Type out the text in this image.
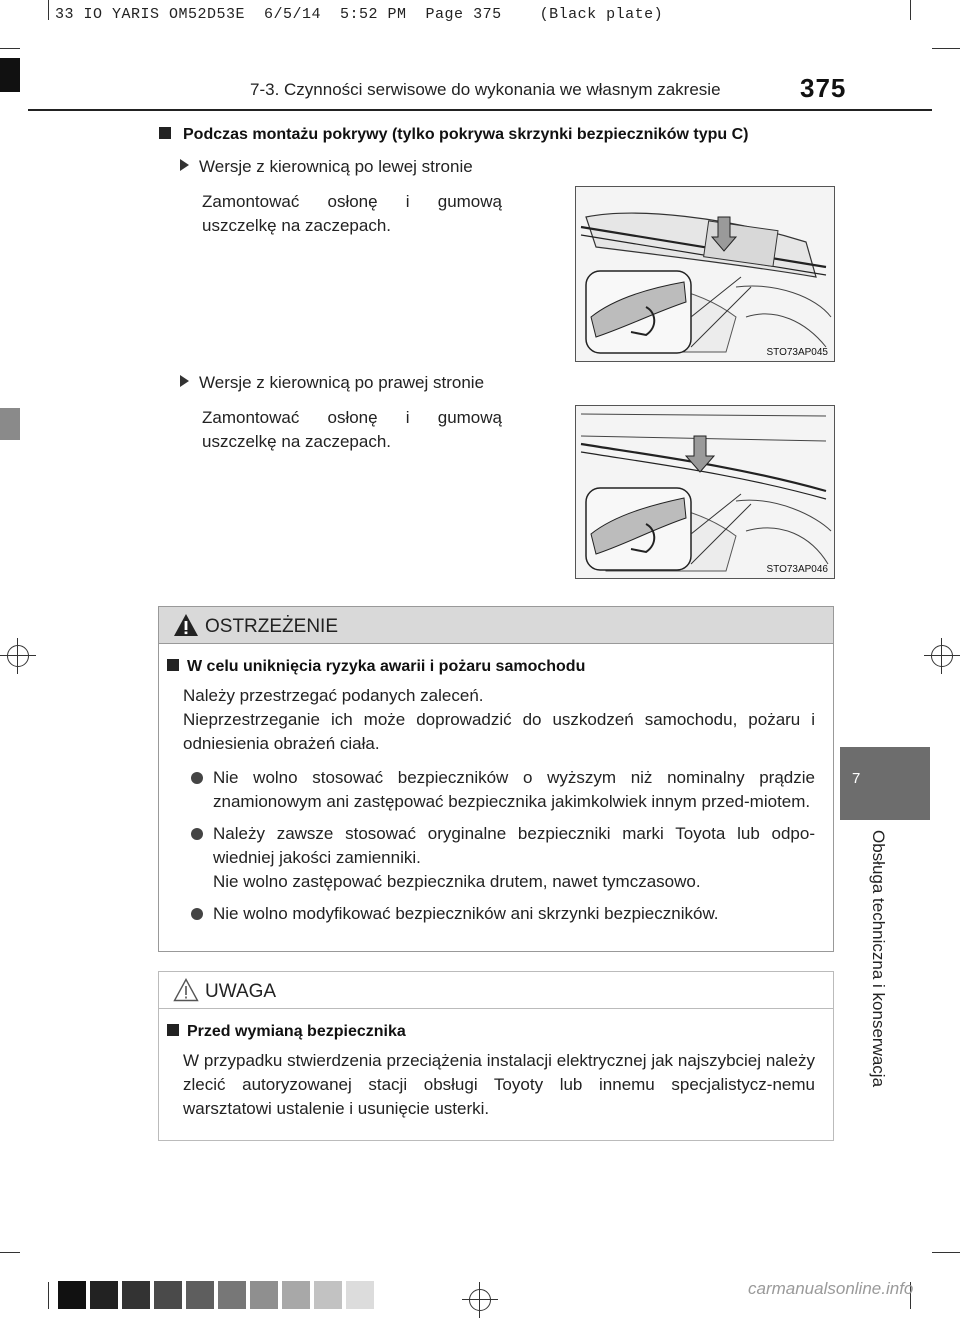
33 IO YARIS OM52D53E  6/5/14  5:52 PM  Page 375    (Black plate)
7-3. Czynności serwisowe do wykonania we własnym zakresie	375
7
Obsługa techniczna i konserwacja
Podczas montażu pokrywy (tylko pokrywa skrzynki bezpieczników typu C)
Wersje z kierownicą po lewej stronie
Zamontować osłonę i gumową uszczelkę na zaczepach.
STO73AP045
Wersje z kierownicą po prawej stronie
Zamontować osłonę i gumową uszczelkę na zaczepach.
STO73AP046
OSTRZEŻENIE
W celu uniknięcia ryzyka awarii i pożaru samochodu
Należy przestrzegać podanych zaleceń.
Nieprzestrzeganie ich może doprowadzić do uszkodzeń samochodu, pożaru i odniesienia obrażeń ciała.
Nie wolno stosować bezpieczników o wyższym niż nominalny prądzie znamionowym ani zastępować bezpiecznika jakimkolwiek innym przed-miotem.
Należy zawsze stosować oryginalne bezpieczniki marki Toyota lub odpo-wiedniej jakości zamienniki.
Nie wolno zastępować bezpiecznika drutem, nawet tymczasowo.
Nie wolno modyfikować bezpieczników ani skrzynki bezpieczników.
UWAGA
Przed wymianą bezpiecznika
W przypadku stwierdzenia przeciążenia instalacji elektrycznej jak najszybciej należy zlecić autoryzowanej stacji obsługi Toyoty lub innemu specjalistycz-nemu warsztatowi ustalenie i usunięcie usterki.
carmanualsonline.info
